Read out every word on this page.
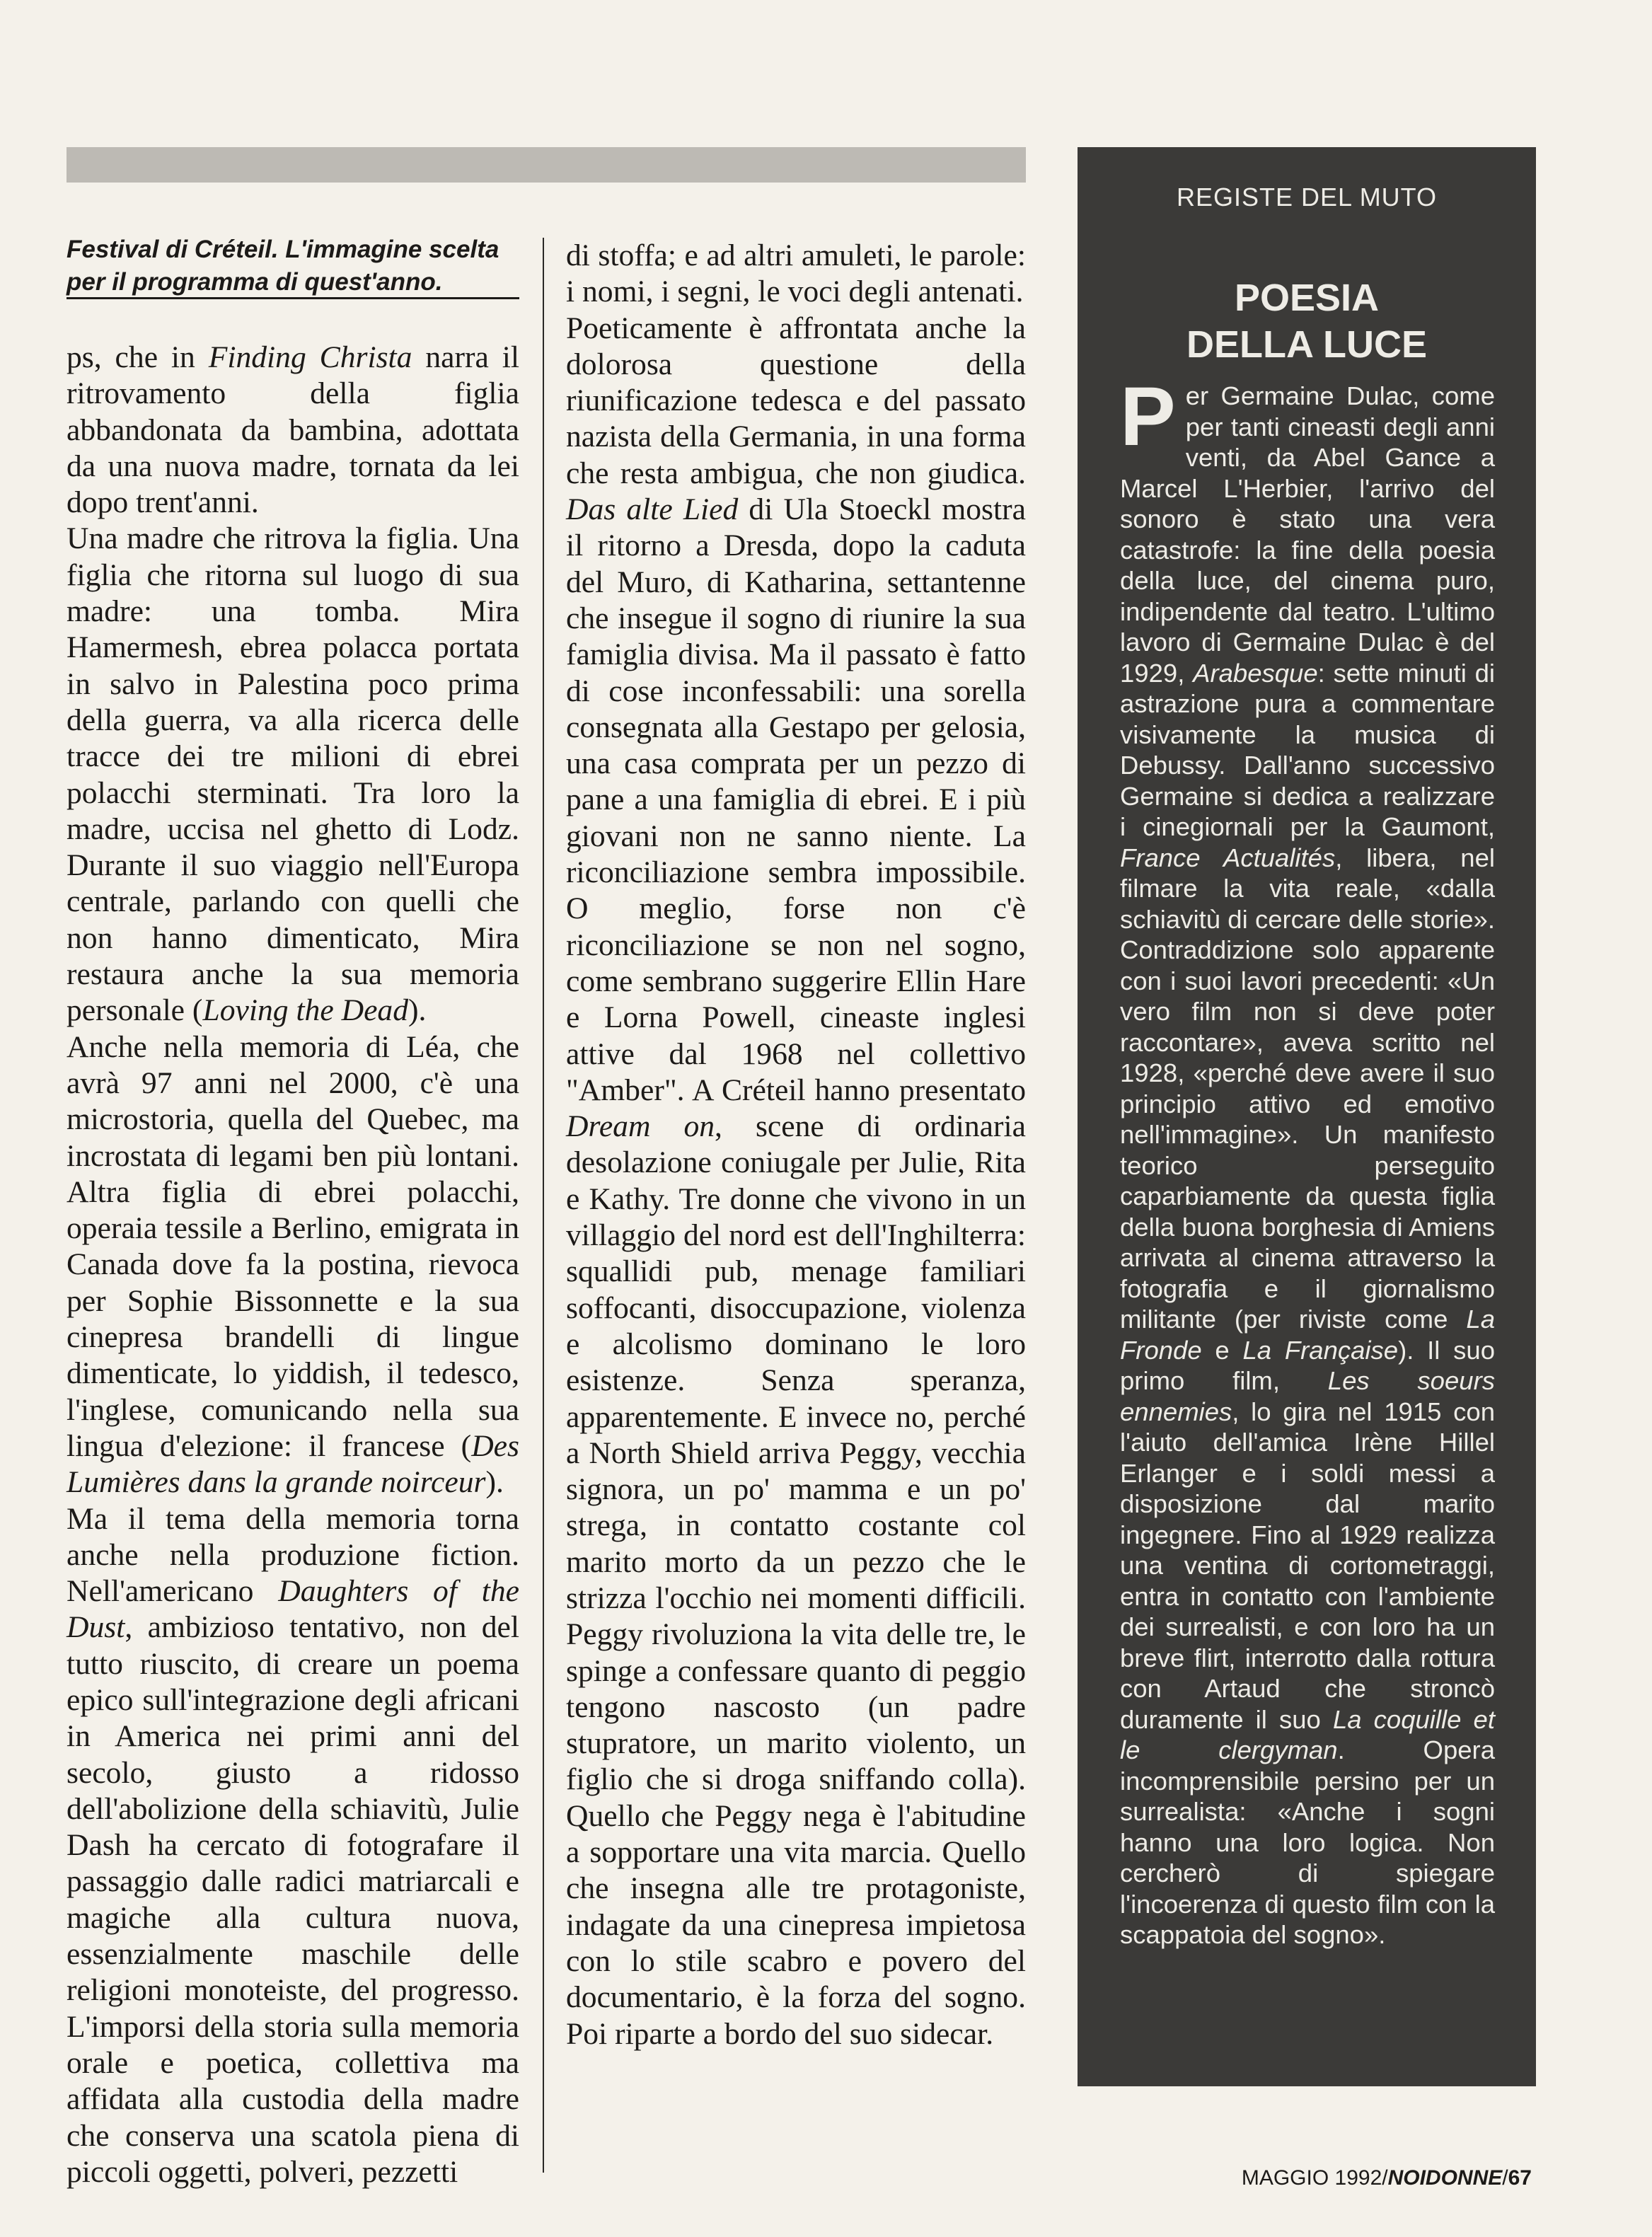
Festival di Créteil. L'immagine scelta per il programma di quest'anno.

ps, che in Finding Christa narra il ritrovamento della figlia abbandonata da bambina, adottata da una nuova madre, tornata da lei dopo trent'anni.

Una madre che ritrova la figlia. Una figlia che ritorna sul luogo di sua madre: una tomba. Mira Hamermesh, ebrea polacca portata in salvo in Palestina poco prima della guerra, va alla ricerca delle tracce dei tre milioni di ebrei polacchi sterminati. Tra loro la madre, uccisa nel ghetto di Lodz. Durante il suo viaggio nell'Europa centrale, parlando con quelli che non hanno dimenticato, Mira restaura anche la sua memoria personale (Loving the Dead).

Anche nella memoria di Léa, che avrà 97 anni nel 2000, c'è una microstoria, quella del Quebec, ma incrostata di legami ben più lontani. Altra figlia di ebrei polacchi, operaia tessile a Berlino, emigrata in Canada dove fa la postina, rievoca per Sophie Bissonnette e la sua cinepresa brandelli di lingue dimenticate, lo yiddish, il tedesco, l'inglese, comunicando nella sua lingua d'elezione: il francese (Des Lumières dans la grande noirceur).

Ma il tema della memoria torna anche nella produzione fiction. Nell'americano Daughters of the Dust, ambizioso tentativo, non del tutto riuscito, di creare un poema epico sull'integrazione degli africani in America nei primi anni del secolo, giusto a ridosso dell'abolizione della schiavitù, Julie Dash ha cercato di fotografare il passaggio dalle radici matriarcali e magiche alla cultura nuova, essenzialmente maschile delle religioni monoteiste, del progresso. L'imporsi della storia sulla memoria orale e poetica, collettiva ma affidata alla custodia della madre che conserva una scatola piena di piccoli oggetti, polveri, pezzetti

di stoffa; e ad altri amuleti, le parole: i nomi, i segni, le voci degli antenati.

Poeticamente è affrontata anche la dolorosa questione della riunificazione tedesca e del passato nazista della Germania, in una forma che resta ambigua, che non giudica. Das alte Lied di Ula Stoeckl mostra il ritorno a Dresda, dopo la caduta del Muro, di Katharina, settantenne che insegue il sogno di riunire la sua famiglia divisa. Ma il passato è fatto di cose inconfessabili: una sorella consegnata alla Gestapo per gelosia, una casa comprata per un pezzo di pane a una famiglia di ebrei. E i più giovani non ne sanno niente. La riconciliazione sembra impossibile. O meglio, forse non c'è riconciliazione se non nel sogno, come sembrano suggerire Ellin Hare e Lorna Powell, cineaste inglesi attive dal 1968 nel collettivo "Amber". A Créteil hanno presentato Dream on, scene di ordinaria desolazione coniugale per Julie, Rita e Kathy. Tre donne che vivono in un villaggio del nord est dell'Inghilterra: squallidi pub, menage familiari soffocanti, disoccupazione, violenza e alcolismo dominano le loro esistenze. Senza speranza, apparentemente. E invece no, perché a North Shield arriva Peggy, vecchia signora, un po' mamma e un po' strega, in contatto costante col marito morto da un pezzo che le strizza l'occhio nei momenti difficili. Peggy rivoluziona la vita delle tre, le spinge a confessare quanto di peggio tengono nascosto (un padre stupratore, un marito violento, un figlio che si droga sniffando colla). Quello che Peggy nega è l'abitudine a sopportare una vita marcia. Quello che insegna alle tre protagoniste, indagate da una cinepresa impietosa con lo stile scabro e povero del documentario, è la forza del sogno. Poi riparte a bordo del suo sidecar.

REGISTE DEL MUTO
POESIA
DELLA LUCE
Per Germaine Dulac, come per tanti cineasti degli anni venti, da Abel Gance a Marcel L'Herbier, l'arrivo del sonoro è stato una vera catastrofe: la fine della poesia della luce, del cinema puro, indipendente dal teatro. L'ultimo lavoro di Germaine Dulac è del 1929, Arabesque: sette minuti di astrazione pura a commentare visivamente la musica di Debussy. Dall'anno successivo Germaine si dedica a realizzare i cinegiornali per la Gaumont, France Actualités, libera, nel filmare la vita reale, «dalla schiavitù di cercare delle storie». Contraddizione solo apparente con i suoi lavori precedenti: «Un vero film non si deve poter raccontare», aveva scritto nel 1928, «perché deve avere il suo principio attivo ed emotivo nell'immagine». Un manifesto teorico perseguito caparbiamente da questa figlia della buona borghesia di Amiens arrivata al cinema attraverso la fotografia e il giornalismo militante (per riviste come La Fronde e La Française). Il suo primo film, Les soeurs ennemies, lo gira nel 1915 con l'aiuto dell'amica Irène Hillel Erlanger e i soldi messi a disposizione dal marito ingegnere. Fino al 1929 realizza una ventina di cortometraggi, entra in contatto con l'ambiente dei surrealisti, e con loro ha un breve flirt, interrotto dalla rottura con Artaud che stroncò duramente il suo La coquille et le clergyman. Opera incomprensibile persino per un surrealista: «Anche i sogni hanno una loro logica. Non cercherò di spiegare l'incoerenza di questo film con la scappatoia del sogno».
MAGGIO 1992/NOIDONNE/67
